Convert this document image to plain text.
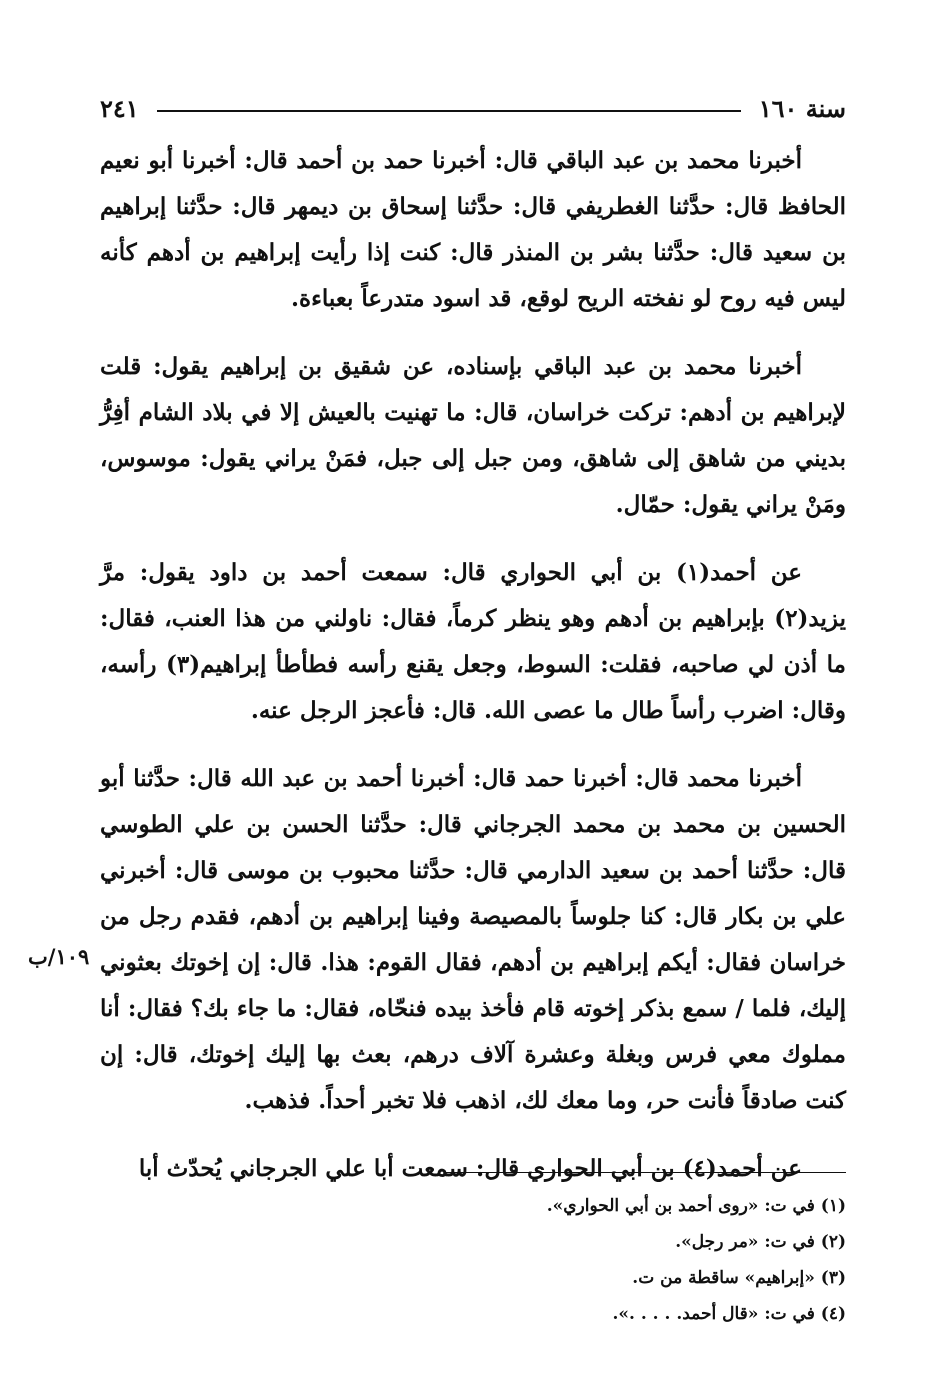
سنة ١٦٠
٢٤١

أخبرنا محمد بن عبد الباقي قال: أخبرنا حمد بن أحمد قال: أخبرنا أبو نعيم الحافظ قال: حدَّثنا الغطريفي قال: حدَّثنا إسحاق بن ديمهر قال: حدَّثنا إبراهيم بن سعيد قال: حدَّثنا بشر بن المنذر قال: كنت إذا رأيت إبراهيم بن أدهم كأنه ليس فيه روح لو نفخته الريح لوقع، قد اسود متدرعاً بعباءة.

أخبرنا محمد بن عبد الباقي بإسناده، عن شقيق بن إبراهيم يقول: قلت لإبراهيم بن أدهم: تركت خراسان، قال: ما تهنيت بالعيش إلا في بلاد الشام أفِرُّ بديني من شاهق إلى شاهق، ومن جبل إلى جبل، فمَنْ يراني يقول: موسوس، ومَنْ يراني يقول: حمّال.

عن أحمد(١) بن أبي الحواري قال: سمعت أحمد بن داود يقول: مرَّ يزيد(٢) بإبراهيم بن أدهم وهو ينظر كرماً، فقال: ناولني من هذا العنب، فقال: ما أذن لي صاحبه، فقلت: السوط، وجعل يقنع رأسه فطأطأ إبراهيم(٣) رأسه، وقال: اضرب رأساً طال ما عصى الله. قال: فأعجز الرجل عنه.

أخبرنا محمد قال: أخبرنا حمد قال: أخبرنا أحمد بن عبد الله قال: حدَّثنا أبو الحسين بن محمد بن محمد الجرجاني قال: حدَّثنا الحسن بن علي الطوسي قال: حدَّثنا أحمد بن سعيد الدارمي قال: حدَّثنا محبوب بن موسى قال: أخبرني علي بن بكار قال: كنا جلوساً بالمصيصة وفينا إبراهيم بن أدهم، فقدم رجل من خراسان فقال: أيكم إبراهيم بن أدهم، فقال القوم: هذا. قال: إن إخوتك بعثوني إليك، فلما / سمع بذكر إخوته قام فأخذ بيده فنحّاه، فقال: ما جاء بك؟ فقال: أنا مملوك معي فرس وبغلة وعشرة آلاف درهم، بعث بها إليك إخوتك، قال: إن كنت صادقاً فأنت حر، وما معك لك، اذهب فلا تخبر أحداً. فذهب.

عن أحمد(٤) بن أبي الحواري قال: سمعت أبا علي الجرجاني يُحدّث أبا

١٠٩/ب
(١) في ت: «روى أحمد بن أبي الحواري».
(٢) في ت: «مر رجل».
(٣) «إبراهيم» ساقطة من ت.
(٤) في ت: «قال أحمد. . . . .».
